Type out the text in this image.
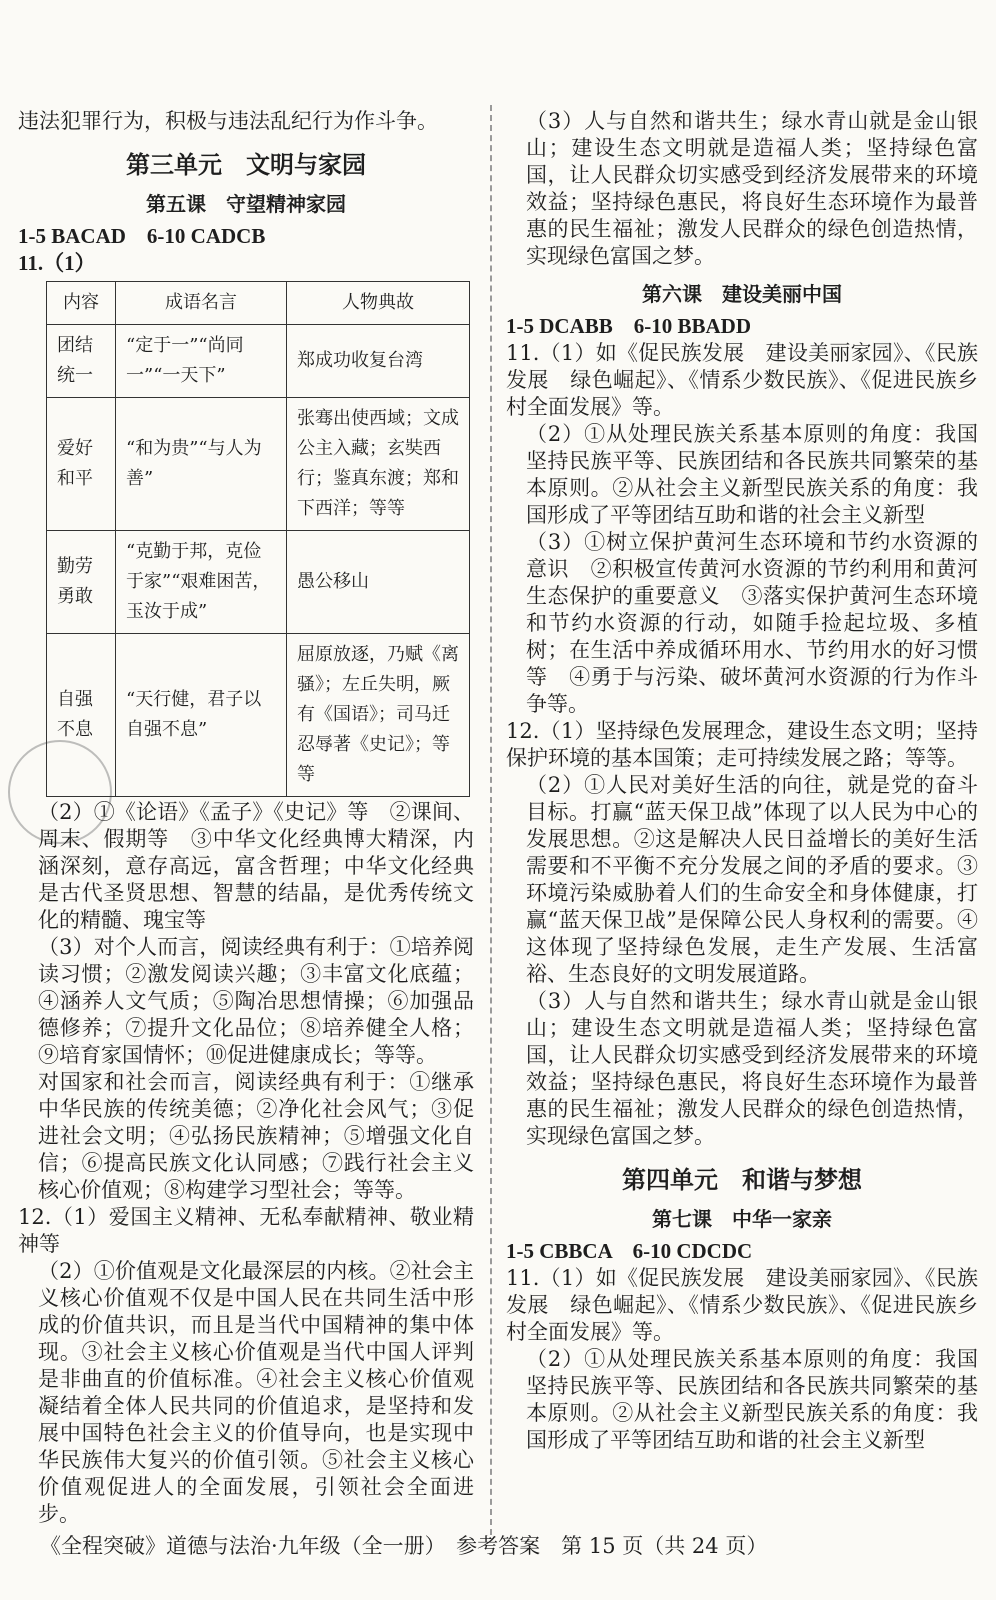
违法犯罪行为，积极与违法乱纪行为作斗争。

第三单元　文明与家园
第五课　守望精神家园
1-5 BACAD　6-10 CADCB
11.（1）
内容	成语名言	人物典故
团结统一	“定于一”“尚同一”“一天下”	郑成功收复台湾
爱好和平	“和为贵”“与人为善”	张骞出使西域；文成公主入藏；玄奘西行；鉴真东渡；郑和下西洋；等等
勤劳勇敢	“克勤于邦，克俭于家”“艰难困苦，玉汝于成”	愚公移山
自强不息	“天行健，君子以自强不息”	屈原放逐，乃赋《离骚》；左丘失明，厥有《国语》；司马迁忍辱著《史记》；等等

（2）①《论语》《孟子》《史记》等　②课间、周末、假期等　③中华文化经典博大精深，内涵深刻，意存高远，富含哲理；中华文化经典是古代圣贤思想、智慧的结晶，是优秀传统文化的精髓、瑰宝等

（3）对个人而言，阅读经典有利于：①培养阅读习惯；②激发阅读兴趣；③丰富文化底蕴；④涵养人文气质；⑤陶冶思想情操；⑥加强品德修养；⑦提升文化品位；⑧培养健全人格；⑨培育家国情怀；⑩促进健康成长；等等。

对国家和社会而言，阅读经典有利于：①继承中华民族的传统美德；②净化社会风气；③促进社会文明；④弘扬民族精神；⑤增强文化自信；⑥提高民族文化认同感；⑦践行社会主义核心价值观；⑧构建学习型社会；等等。

12.（1）爱国主义精神、无私奉献精神、敬业精神等

（2）①价值观是文化最深层的内核。②社会主义核心价值观不仅是中国人民在共同生活中形成的价值共识，而且是当代中国精神的集中体现。③社会主义核心价值观是当代中国人评判是非曲直的价值标准。④社会主义核心价值观凝结着全体人民共同的价值追求，是坚持和发展中国特色社会主义的价值导向，也是实现中华民族伟大复兴的价值引领。⑤社会主义核心价值观促进人的全面发展，引领社会全面进步。

（3）人与自然和谐共生；绿水青山就是金山银山；建设生态文明就是造福人类；坚持绿色富国，让人民群众切实感受到经济发展带来的环境效益；坚持绿色惠民，将良好生态环境作为最普惠的民生福祉；激发人民群众的绿色创造热情，实现绿色富国之梦。

第六课　建设美丽中国
1-5 DCABB　6-10 BBADD

11.（1）如《促民族发展　建设美丽家园》、《民族发展　绿色崛起》、《情系少数民族》、《促进民族乡村全面发展》等。

（2）①从处理民族关系基本原则的角度：我国坚持民族平等、民族团结和各民族共同繁荣的基本原则。②从社会主义新型民族关系的角度：我国形成了平等团结互助和谐的社会主义新型

（3）①树立保护黄河生态环境和节约水资源的意识　②积极宣传黄河水资源的节约利用和黄河生态保护的重要意义　③落实保护黄河生态环境和节约水资源的行动，如随手捡起垃圾、多植树；在生活中养成循环用水、节约用水的好习惯等　④勇于与污染、破坏黄河水资源的行为作斗争等。

12.（1）坚持绿色发展理念，建设生态文明；坚持保护环境的基本国策；走可持续发展之路；等等。

（2）①人民对美好生活的向往，就是党的奋斗目标。打赢“蓝天保卫战”体现了以人民为中心的发展思想。②这是解决人民日益增长的美好生活需要和不平衡不充分发展之间的矛盾的要求。③环境污染威胁着人们的生命安全和身体健康，打赢“蓝天保卫战”是保障公民人身权利的需要。④这体现了坚持绿色发展，走生产发展、生活富裕、生态良好的文明发展道路。

（3）人与自然和谐共生；绿水青山就是金山银山；建设生态文明就是造福人类；坚持绿色富国，让人民群众切实感受到经济发展带来的环境效益；坚持绿色惠民，将良好生态环境作为最普惠的民生福祉；激发人民群众的绿色创造热情，实现绿色富国之梦。

第四单元　和谐与梦想
第七课　中华一家亲
1-5 CBBCA　6-10 CDCDC

11.（1）如《促民族发展　建设美丽家园》、《民族发展　绿色崛起》、《情系少数民族》、《促进民族乡村全面发展》等。

（2）①从处理民族关系基本原则的角度：我国坚持民族平等、民族团结和各民族共同繁荣的基本原则。②从社会主义新型民族关系的角度：我国形成了平等团结互助和谐的社会主义新型

《全程突破》道德与法治·九年级（全一册）　参考答案　第 15 页（共 24 页）
